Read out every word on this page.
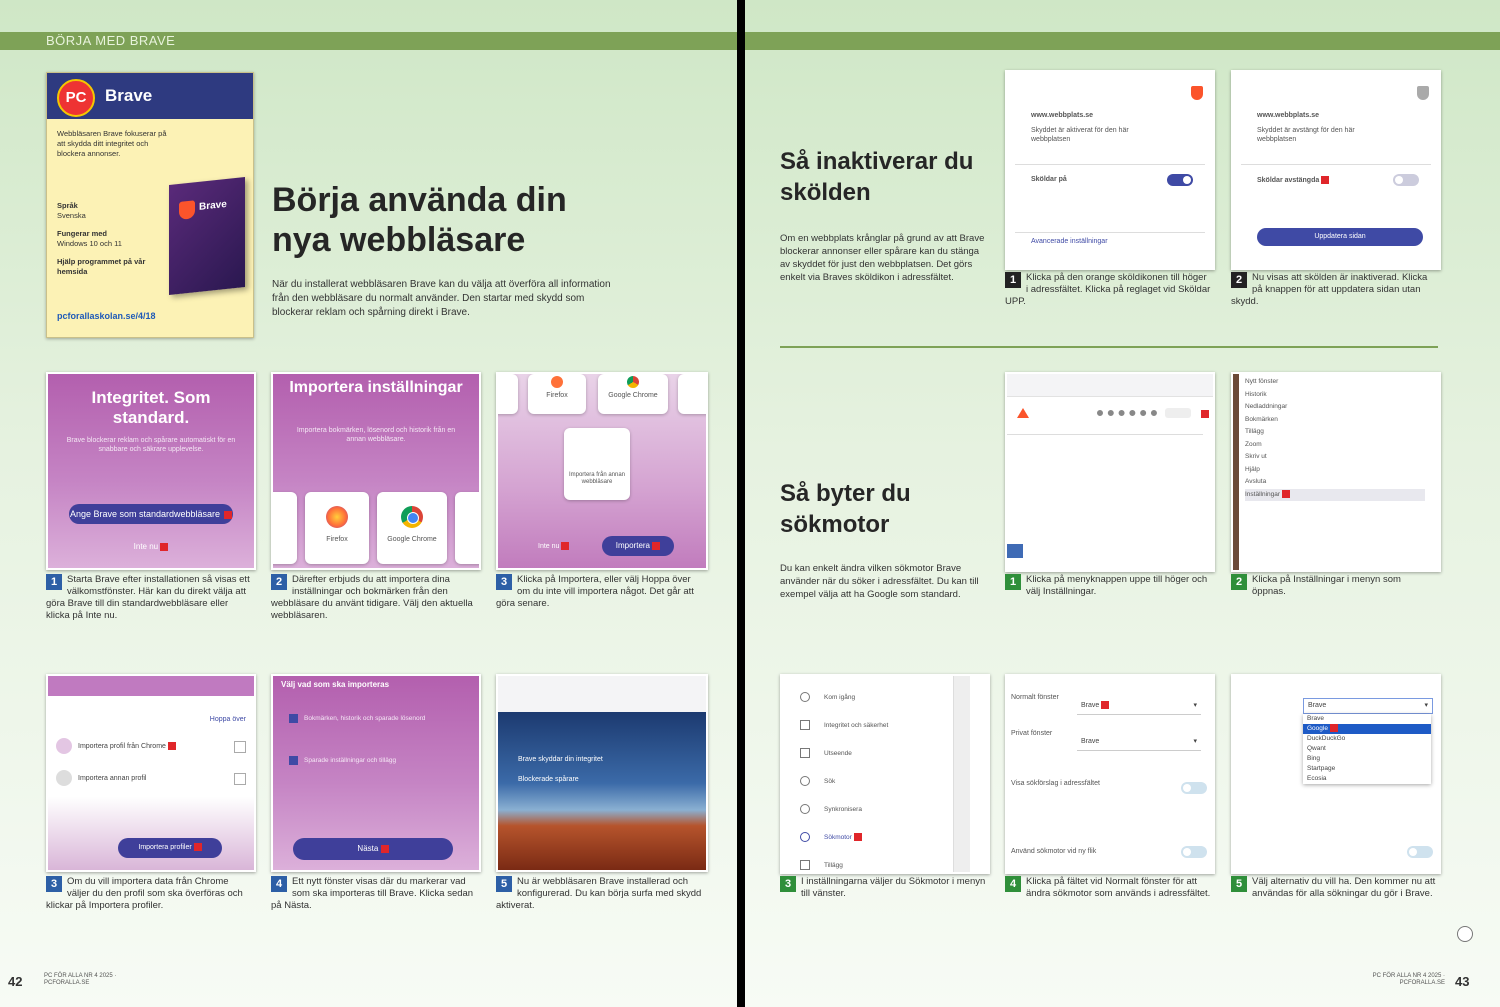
BÖRJA MED BRAVE
PC	Brave
Webbläsaren Brave fokuserar på att skydda ditt integritet och blockera annonser.
Språk
Svenska
Fungerar med
Windows 10 och 11
Hjälp programmet på vår hemsida
pcforallaskolan.se/4/18
Brave Börja använda din nya webbläsare
När du installerat webbläsaren Brave kan du välja att överföra all information från den webbläsare du normalt använder. Den startar med skydd som blockerar reklam och spårning direkt i Brave.
Integritet. Som standard.
Brave blockerar reklam och spårare automatiskt för en snabbare och säkrare upplevelse.
Ange Brave som standardwebbläsare
Inte nu
Importera inställningar
Importera bokmärken, lösenord och historik från en annan webbläsare.
Firefox	Google Chrome
Firefox	Google Chrome
Importera från annan webbläsare
Inte nu	Importera
1	Starta Brave efter installationen så visas ett välkomstfönster. Här kan du direkt välja att göra Brave till din standardwebbläsare eller klicka på Inte nu.
2	Därefter erbjuds du att importera dina inställningar och bokmärken från den webbläsare du använt tidigare. Välj den aktuella webbläsaren.
3	Klicka på Importera, eller välj Hoppa över om du inte vill importera något. Det går att göra senare.
Hoppa över
Importera profil från Chrome
Importera annan profil
Importera profiler
Välj vad som ska importeras
Bokmärken, historik och sparade lösenord
Sparade inställningar och tillägg
Nästa
Brave skyddar din integritet
Blockerade spårare
3	Om du vill importera data från Chrome väljer du den profil som ska överföras och klickar på Importera profiler.
4	Ett nytt fönster visas där du markerar vad som ska importeras till Brave. Klicka sedan på Nästa.
5	Nu är webbläsaren Brave installerad och konfigurerad. Du kan börja surfa med skydd aktiverat.
42	PC FÖR ALLA NR 4 2025 · PCFORALLA.SE
Så inaktiverar du skölden
Om en webbplats krånglar på grund av att Brave blockerar annonser eller spårare kan du stänga av skyddet för just den webbplatsen. Det görs enkelt via Braves sköldikon i adressfältet.
www.webbplats.se
Skyddet är aktiverat för den här webbplatsen
Sköldar på
Avancerade inställningar
www.webbplats.se
Skyddet är avstängt för den här webbplatsen
Sköldar avstängda
Uppdatera sidan
1	Klicka på den orange sköldikonen till höger i adressfältet. Klicka på reglaget vid Sköldar UPP.
2	Nu visas att skölden är inaktiverad. Klicka på knappen för att uppdatera sidan utan skydd.
Så byter du sökmotor
Du kan enkelt ändra vilken sökmotor Brave använder när du söker i adressfältet. Du kan till exempel välja att ha Google som standard.
Nytt fönster
Historik
Nedladdningar
Bokmärken
Tillägg
Zoom
Skriv ut
Hjälp
Avsluta
Inställningar
1	Klicka på menyknappen uppe till höger och välj Inställningar.
2	Klicka på Inställningar i menyn som öppnas.
Kom igång
Integritet och säkerhet
Utseende
Sök
Synkronisera
Sökmotor
Tillägg
Normalt fönster
Brave	▾
Privat fönster
Brave	▾
Visa sökförslag i adressfältet
Använd sökmotor vid ny flik
Brave	▾
Brave
Google
DuckDuckGo
Qwant
Bing
Startpage
Ecosia
3	I inställningarna väljer du Sökmotor i menyn till vänster.
4	Klicka på fältet vid Normalt fönster för att ändra sökmotor som används i adressfältet.
5	Välj alternativ du vill ha. Den kommer nu att användas för alla sökningar du gör i Brave.
PC FÖR ALLA NR 4 2025 · PCFORALLA.SE 43
